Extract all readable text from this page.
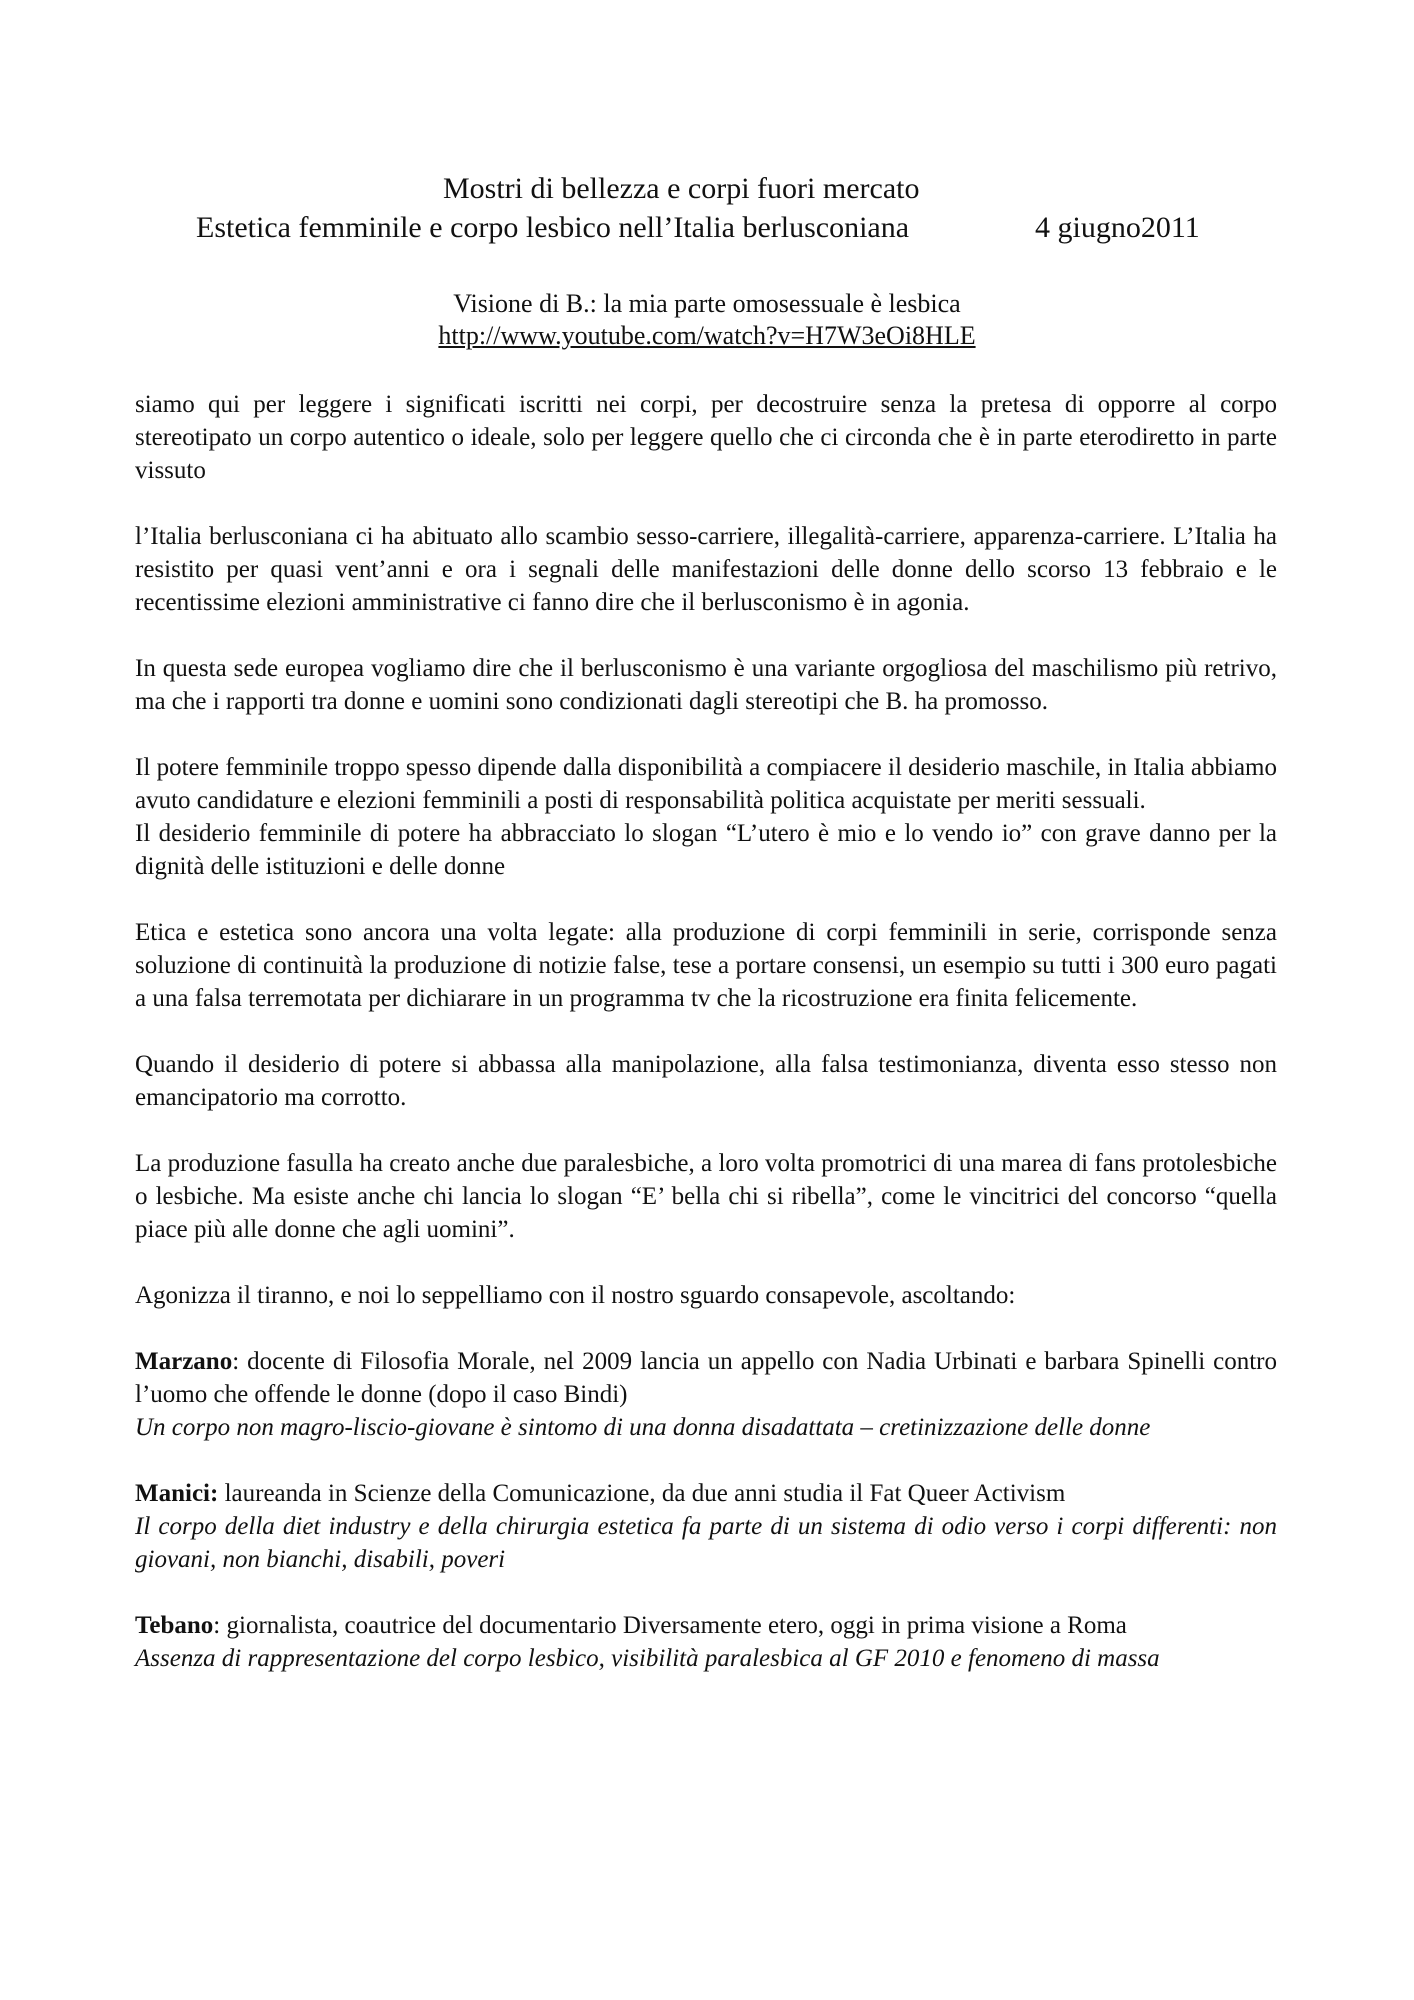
Mostri di bellezza e corpi fuori mercato
Estetica femminile e corpo lesbico nell’Italia berlusconiana	4 giugno2011
Visione di B.: la mia parte omosessuale è lesbica
http://www.youtube.com/watch?v=H7W3eOi8HLE

siamo qui per leggere i significati iscritti nei corpi, per decostruire senza la pretesa di opporre al corpo stereotipato un corpo autentico o ideale, solo per leggere quello che ci circonda che è in parte eterodiretto in parte vissuto

l’Italia berlusconiana ci ha abituato allo scambio sesso-carriere, illegalità-carriere, apparenza-carriere. L’Italia ha resistito per quasi vent’anni e ora i segnali delle manifestazioni delle donne dello scorso 13 febbraio e le recentissime elezioni amministrative ci fanno dire che il berlusconismo è in agonia.

In questa sede europea vogliamo dire che il berlusconismo è una variante orgogliosa del maschilismo più retrivo, ma che i rapporti tra donne e uomini sono condizionati dagli stereotipi che B. ha promosso.

Il potere femminile troppo spesso dipende dalla disponibilità a compiacere il desiderio maschile, in Italia abbiamo avuto candidature e elezioni femminili a posti di responsabilità politica acquistate per meriti sessuali.

Il desiderio femminile di potere ha abbracciato lo slogan “L’utero è mio e lo vendo io” con grave danno per la dignità delle istituzioni e delle donne

Etica e estetica sono ancora una volta legate: alla produzione di corpi femminili in serie, corrisponde senza soluzione di continuità la produzione di notizie false, tese a portare consensi, un esempio su tutti i 300 euro pagati a una falsa terremotata per dichiarare in un programma tv che la ricostruzione era finita felicemente.

Quando il desiderio di potere si abbassa alla manipolazione, alla falsa testimonianza, diventa esso stesso non emancipatorio ma corrotto.

La produzione fasulla ha creato anche due paralesbiche, a loro volta promotrici di una marea di fans protolesbiche o lesbiche. Ma esiste anche chi lancia lo slogan “E’ bella chi si ribella”, come le vincitrici del concorso “quella piace più alle donne che agli uomini”.

Agonizza il tiranno, e noi lo seppelliamo con il nostro sguardo consapevole, ascoltando:

Marzano: docente di Filosofia Morale, nel 2009 lancia un appello con Nadia Urbinati e barbara Spinelli contro l’uomo che offende le donne (dopo il caso Bindi)
Un corpo non magro-liscio-giovane è sintomo di una donna disadattata – cretinizzazione delle donne

Manici: laureanda in Scienze della Comunicazione, da due anni studia il Fat Queer Activism
Il corpo della diet industry e della chirurgia estetica fa parte di un sistema di odio verso i corpi differenti: non giovani, non bianchi, disabili, poveri

Tebano: giornalista, coautrice del documentario Diversamente etero, oggi in prima visione a Roma
Assenza di rappresentazione del corpo lesbico, visibilità paralesbica al GF 2010 e fenomeno di massa
